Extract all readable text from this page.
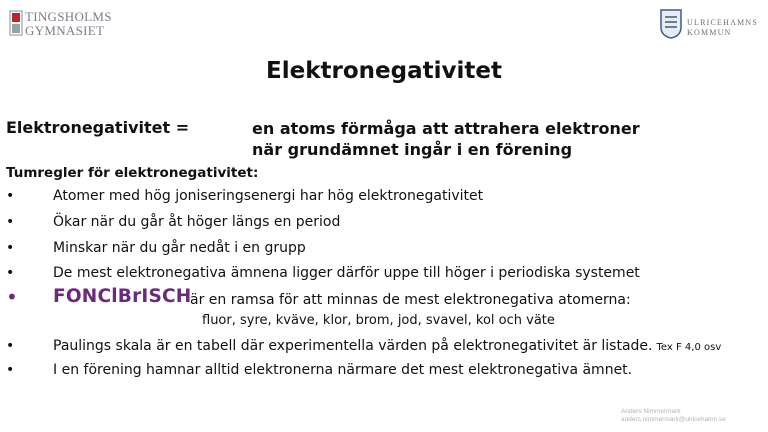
TINGSHOLMS
GYMNASIET
ULRICEHAMNS
KOMMUN
Elektronegativitet
Elektronegativitet =	en atoms förmåga att attrahera elektroner när grundämnet ingår i en förening
Tumregler för elektronegativitet:
•	Atomer med hög joniseringsenergi har hög elektronegativitet
•	Ökar när du går åt höger längs en period
•	Minskar när du går nedåt i en grupp
•	De mest elektronegativa ämnena ligger därför uppe till höger i periodiska systemet
• FONClBrISCH
är en ramsa för att minnas de mest elektronegativa atomerna:
fluor, syre, kväve, klor, brom, jod, svavel, kol och väte
•	Paulings skala är en tabell där experimentella värden på elektronegativitet är listade. Tex F 4,0 osv
•	I en förening hamnar alltid elektronerna närmare det mest elektronegativa ämnet.
Anders Nimmermark
anders.nimmermark@ulricehamn.se
